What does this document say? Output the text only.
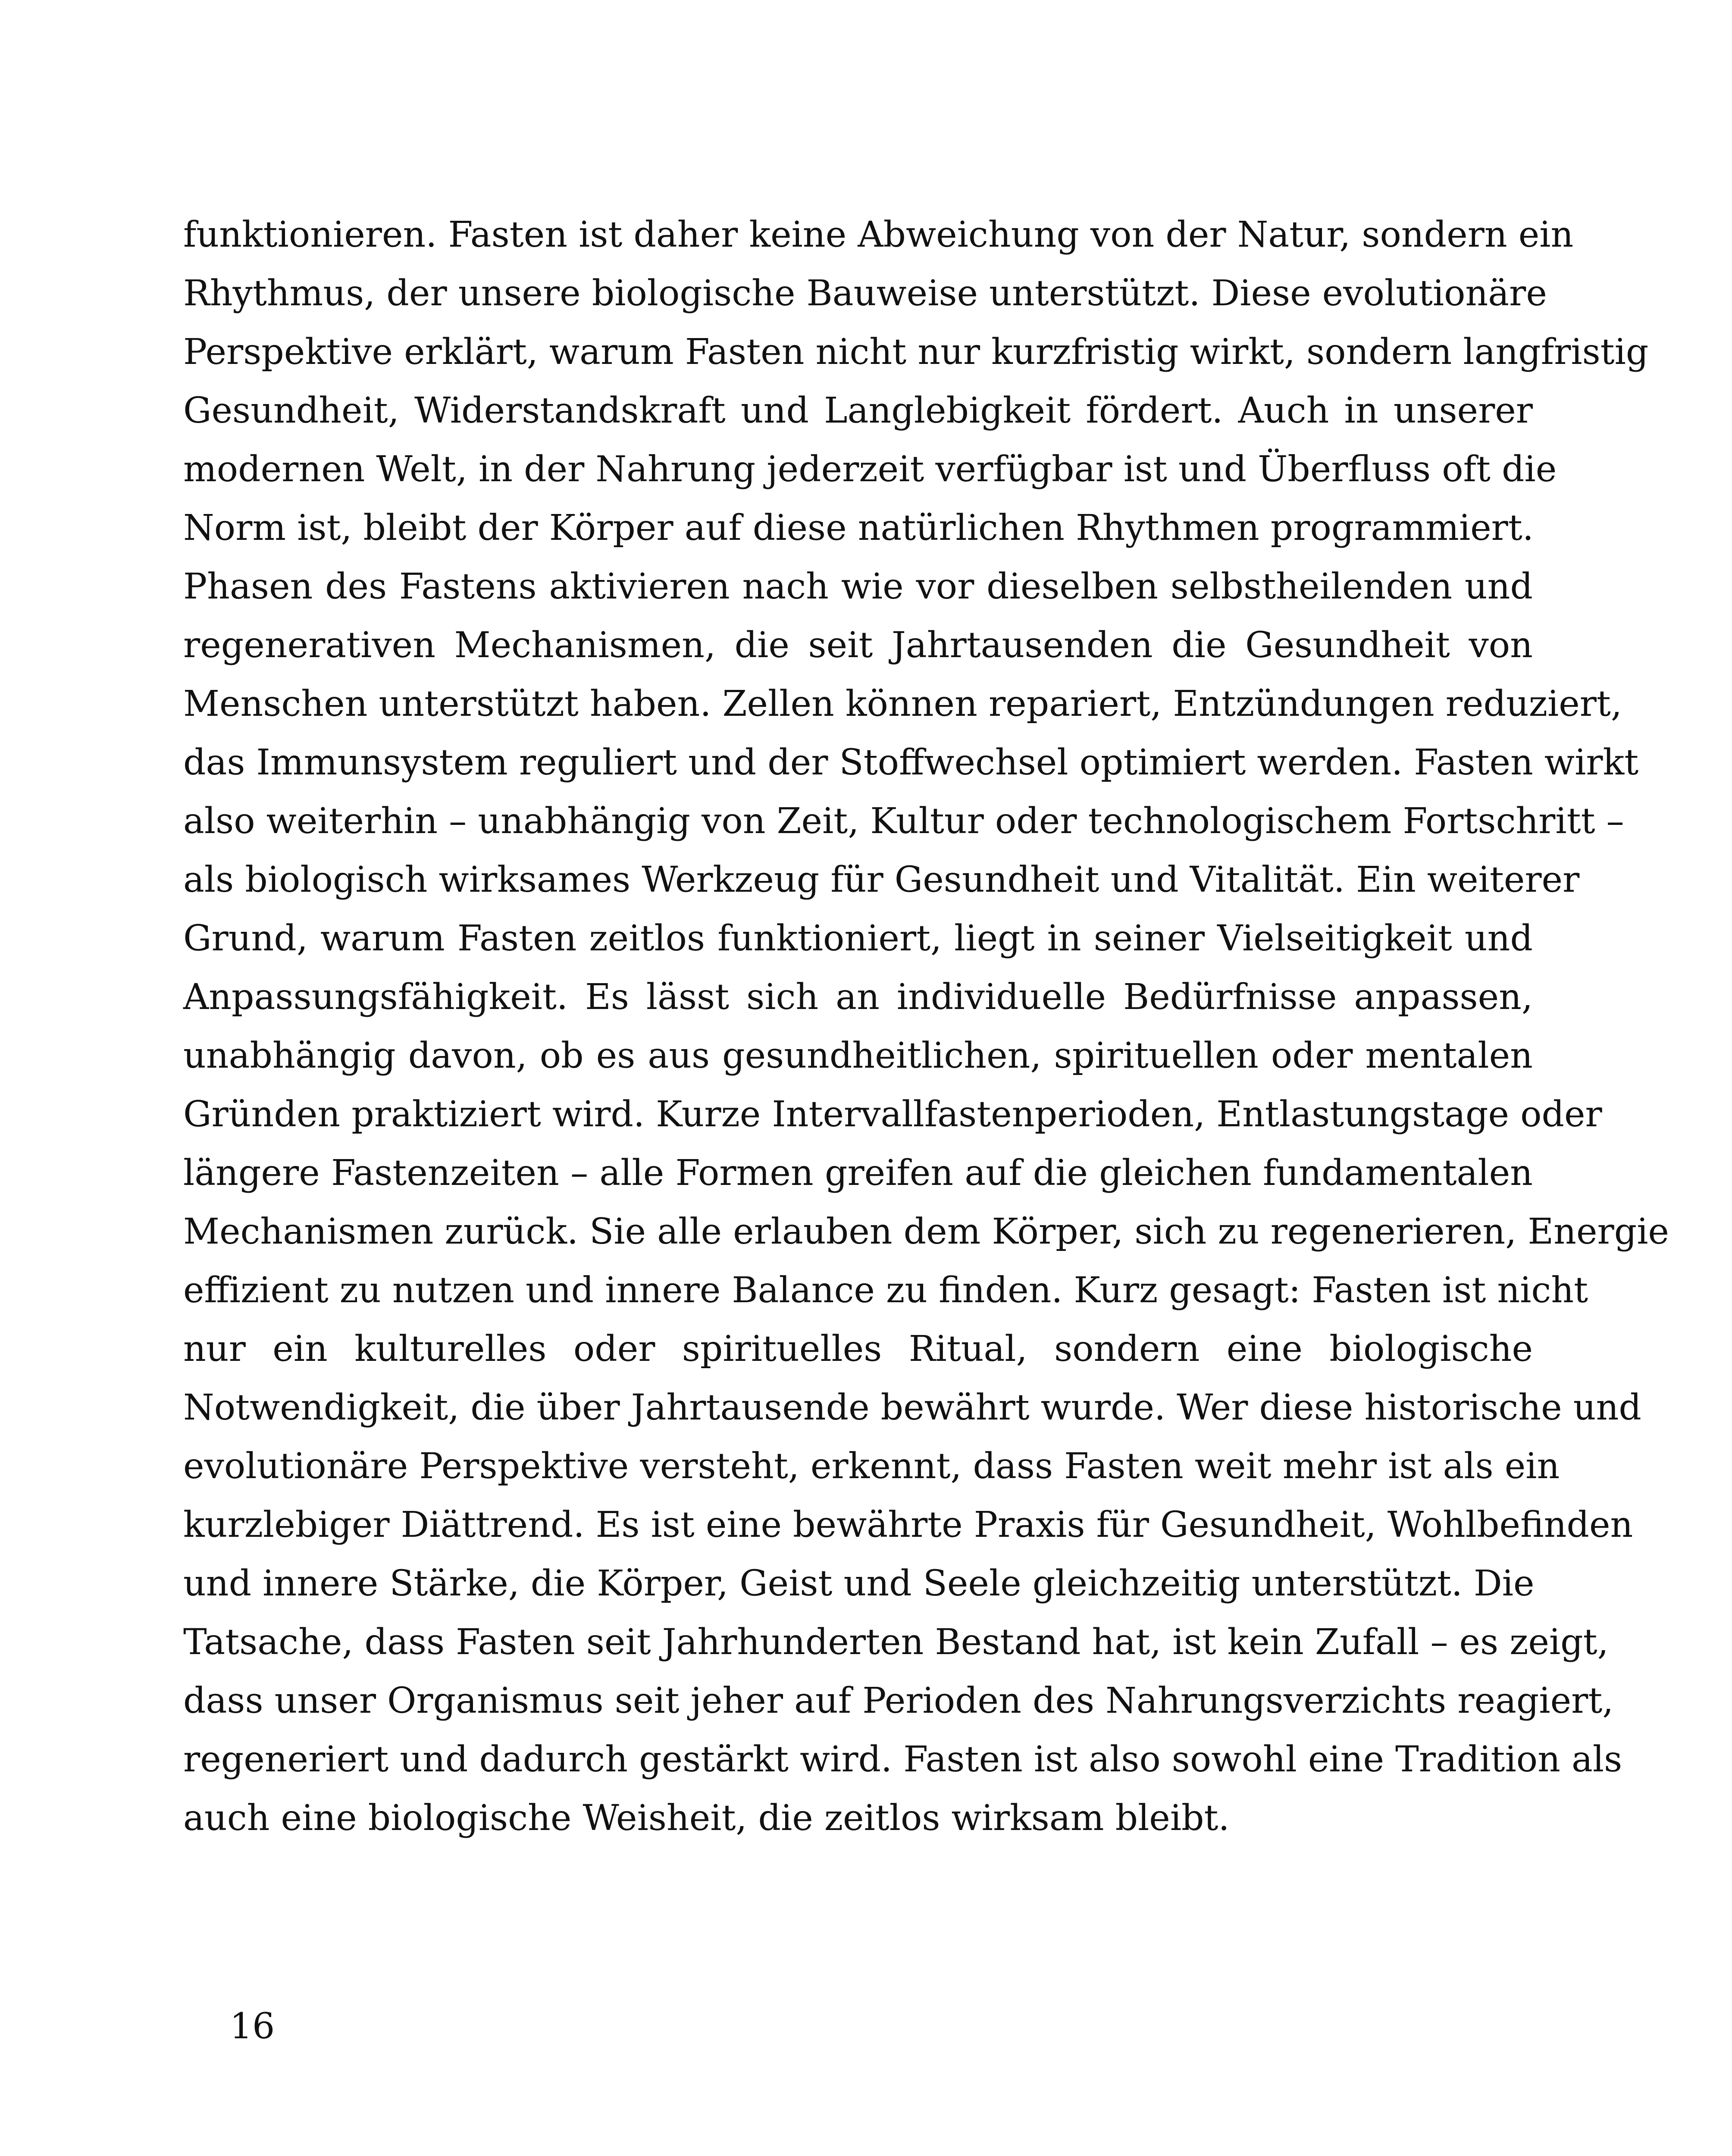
funktionieren. Fasten ist daher keine Abweichung von der Natur, sondern ein
Rhythmus, der unsere biologische Bauweise unterstützt. Diese evolutionäre
Perspektive erklärt, warum Fasten nicht nur kurzfristig wirkt, sondern langfristig
Gesundheit, Widerstandskraft und Langlebigkeit fördert. Auch in unserer
modernen Welt, in der Nahrung jederzeit verfügbar ist und Überfluss oft die
Norm ist, bleibt der Körper auf diese natürlichen Rhythmen programmiert.
Phasen des Fastens aktivieren nach wie vor dieselben selbstheilenden und
regenerativen Mechanismen, die seit Jahrtausenden die Gesundheit von
Menschen unterstützt haben. Zellen können repariert, Entzündungen reduziert,
das Immunsystem reguliert und der Stoffwechsel optimiert werden. Fasten wirkt
also weiterhin – unabhängig von Zeit, Kultur oder technologischem Fortschritt –
als biologisch wirksames Werkzeug für Gesundheit und Vitalität. Ein weiterer
Grund, warum Fasten zeitlos funktioniert, liegt in seiner Vielseitigkeit und
Anpassungsfähigkeit. Es lässt sich an individuelle Bedürfnisse anpassen,
unabhängig davon, ob es aus gesundheitlichen, spirituellen oder mentalen
Gründen praktiziert wird. Kurze Intervallfastenperioden, Entlastungstage oder
längere Fastenzeiten – alle Formen greifen auf die gleichen fundamentalen
Mechanismen zurück. Sie alle erlauben dem Körper, sich zu regenerieren, Energie
effizient zu nutzen und innere Balance zu finden. Kurz gesagt: Fasten ist nicht
nur ein kulturelles oder spirituelles Ritual, sondern eine biologische
Notwendigkeit, die über Jahrtausende bewährt wurde. Wer diese historische und
evolutionäre Perspektive versteht, erkennt, dass Fasten weit mehr ist als ein
kurzlebiger Diättrend. Es ist eine bewährte Praxis für Gesundheit, Wohlbefinden
und innere Stärke, die Körper, Geist und Seele gleichzeitig unterstützt. Die
Tatsache, dass Fasten seit Jahrhunderten Bestand hat, ist kein Zufall – es zeigt,
dass unser Organismus seit jeher auf Perioden des Nahrungsverzichts reagiert,
regeneriert und dadurch gestärkt wird. Fasten ist also sowohl eine Tradition als
auch eine biologische Weisheit, die zeitlos wirksam bleibt.
16
